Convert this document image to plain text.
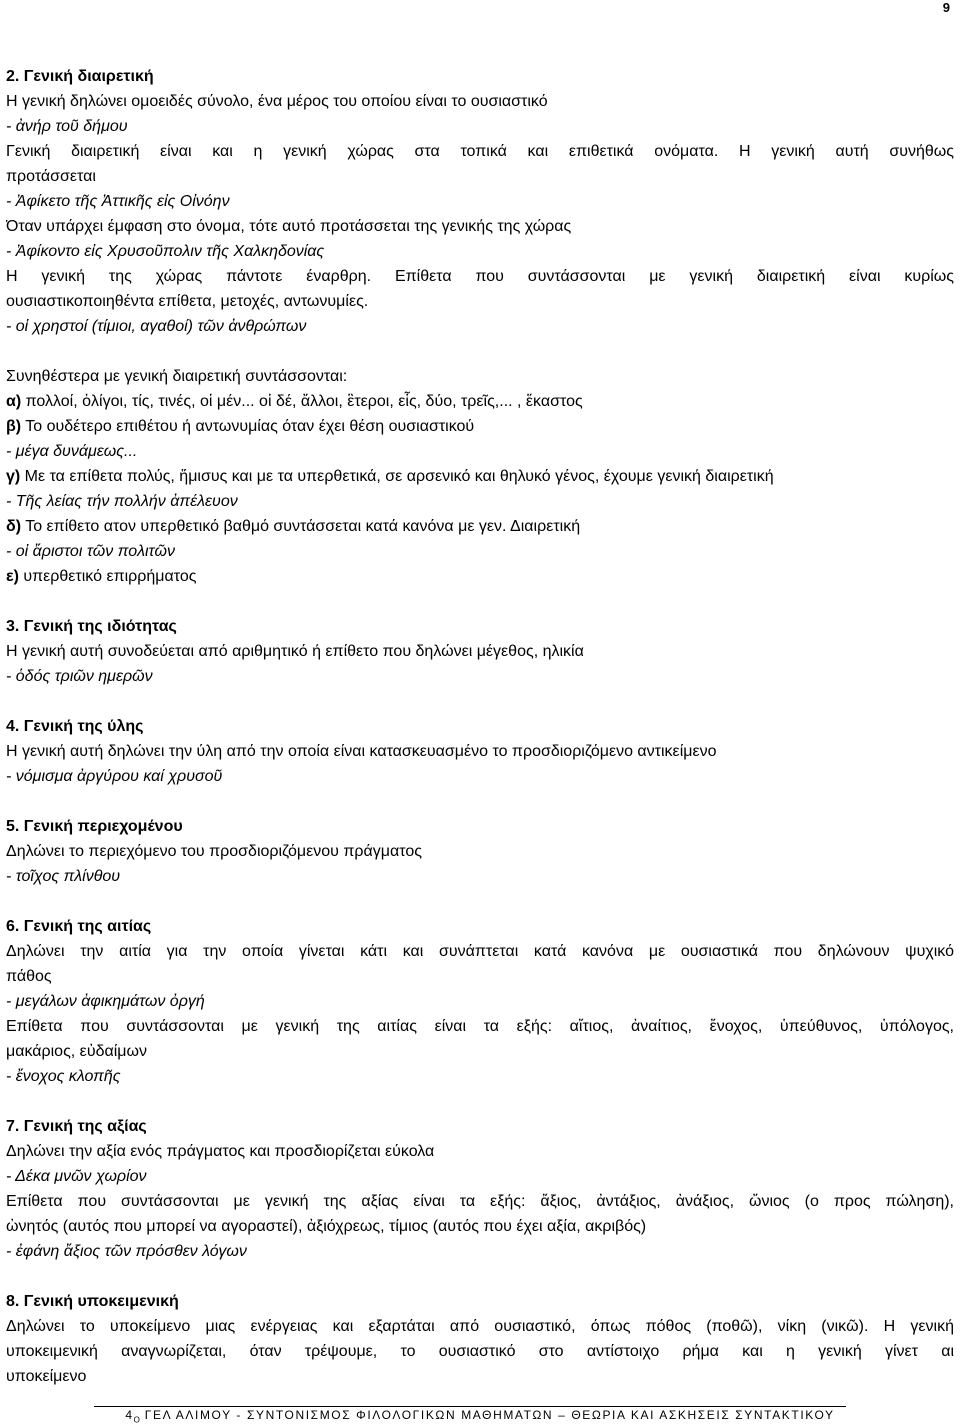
9
2. Γενική διαιρετική
Η γενική δηλώνει ομοειδές σύνολο, ένα μέρος του οποίου είναι το ουσιαστικό
- ἀνήρ τοῦ δήμου
Γενική διαιρετική είναι και η γενική χώρας στα τοπικά και επιθετικά ονόματα. Η γενική αυτή συνήθως
προτάσσεται
- Ἀφίκετο τῆς Ἀττικῆς εἰς Οἰνόην
Όταν υπάρχει έμφαση στο όνομα, τότε αυτό προτάσσεται της γενικής της χώρας
- Ἀφίκοντο εἰς Χρυσοῦπολιν τῆς Χαλκηδονίας
Η γενική της χώρας πάντοτε έναρθρη. Επίθετα που συντάσσονται με γενική διαιρετική είναι κυρίως
ουσιαστικοποιηθέντα επίθετα, μετοχές, αντωνυμίες.
- οἱ χρηστοί (τίμιοι, αγαθοί) τῶν ἀνθρώπων
Συνηθέστερα με γενική διαιρετική συντάσσονται:
α) πολλοί, ὀλίγοι, τίς, τινές, οἱ μέν... οἱ δέ, ἄλλοι, ἓτεροι, εἷς, δύο, τρεῖς,... , ἕκαστος
β) Το ουδέτερο επιθέτου ή αντωνυμίας όταν έχει θέση ουσιαστικού
- μέγα δυνάμεως...
γ) Με τα επίθετα πολύς, ἥμισυς και με τα υπερθετικά, σε αρσενικό και θηλυκό γένος, έχουμε γενική διαιρετική
- Τῆς λείας τήν πολλήν ἀπέλευον
δ) Το επίθετο ατον υπερθετικό βαθμό συντάσσεται κατά κανόνα με γεν. Διαιρετική
- οἱ ἄριστοι τῶν πολιτῶν
ε) υπερθετικό επιρρήματος
3. Γενική της ιδιότητας
Η γενική αυτή συνοδεύεται από αριθμητικό ή επίθετο που δηλώνει μέγεθος, ηλικία
- ὁδός τριῶν ημερῶν
4. Γενική της ύλης
Η γενική αυτή δηλώνει την ύλη από την οποία είναι κατασκευασμένο το προσδιοριζόμενο αντικείμενο
- νόμισμα ἀργύρου καί χρυσοῦ
5. Γενική περιεχομένου
Δηλώνει το περιεχόμενο του προσδιοριζόμενου πράγματος
- τοῖχος πλίνθου
6. Γενική της αιτίας
Δηλώνει την αιτία για την οποία γίνεται κάτι και συνάπτεται κατά κανόνα με ουσιαστικά που δηλώνουν ψυχικό
πάθος
- μεγάλων ἀφικημάτων ὀργή
Επίθετα που συντάσσονται με γενική της αιτίας είναι τα εξής: αἴτιος, ἀναίτιος, ἔνοχος, ὑπεύθυνος, ὑπόλογος,
μακάριος, εὐδαίμων
- ἔνοχος κλοπῆς
7. Γενική της αξίας
Δηλώνει την αξία ενός πράγματος και προσδιορίζεται εύκολα
- Δέκα μνῶν χωρίον
Επίθετα που συντάσσονται με γενική της αξίας είναι τα εξής: ἄξιος, ἀντάξιος, ἀνάξιος, ὤνιος (ο προς πώληση),
ὠνητός (αυτός που μπορεί να αγοραστεί), ἀξιόχρεως, τίμιος (αυτός που έχει αξία, ακριβός)
- ἐφάνη ἄξιος τῶν πρόσθεν λόγων
8. Γενική υποκειμενική
Δηλώνει το υποκείμενο μιας ενέργειας και εξαρτάται από ουσιαστικό, όπως πόθος (ποθῶ), νίκη (νικῶ). Η γενική
υποκειμενική αναγνωρίζεται, όταν τρέψουμε, το ουσιαστικό στο αντίστοιχο ρήμα και η γενική γίνετ αι
υποκείμενο
$4_O$ ΓΕΛ ΑΛΙΜΟΥ - ΣΥΝΤΟΝΙΣΜΟΣ ΦΙΛΟΛΟΓΙΚΩΝ ΜΑΘΗΜΑΤΩΝ – ΘΕΩΡΙΑ ΚΑΙ ΑΣΚΗΣΕΙΣ ΣΥΝΤΑΚΤΙΚΟΥ
